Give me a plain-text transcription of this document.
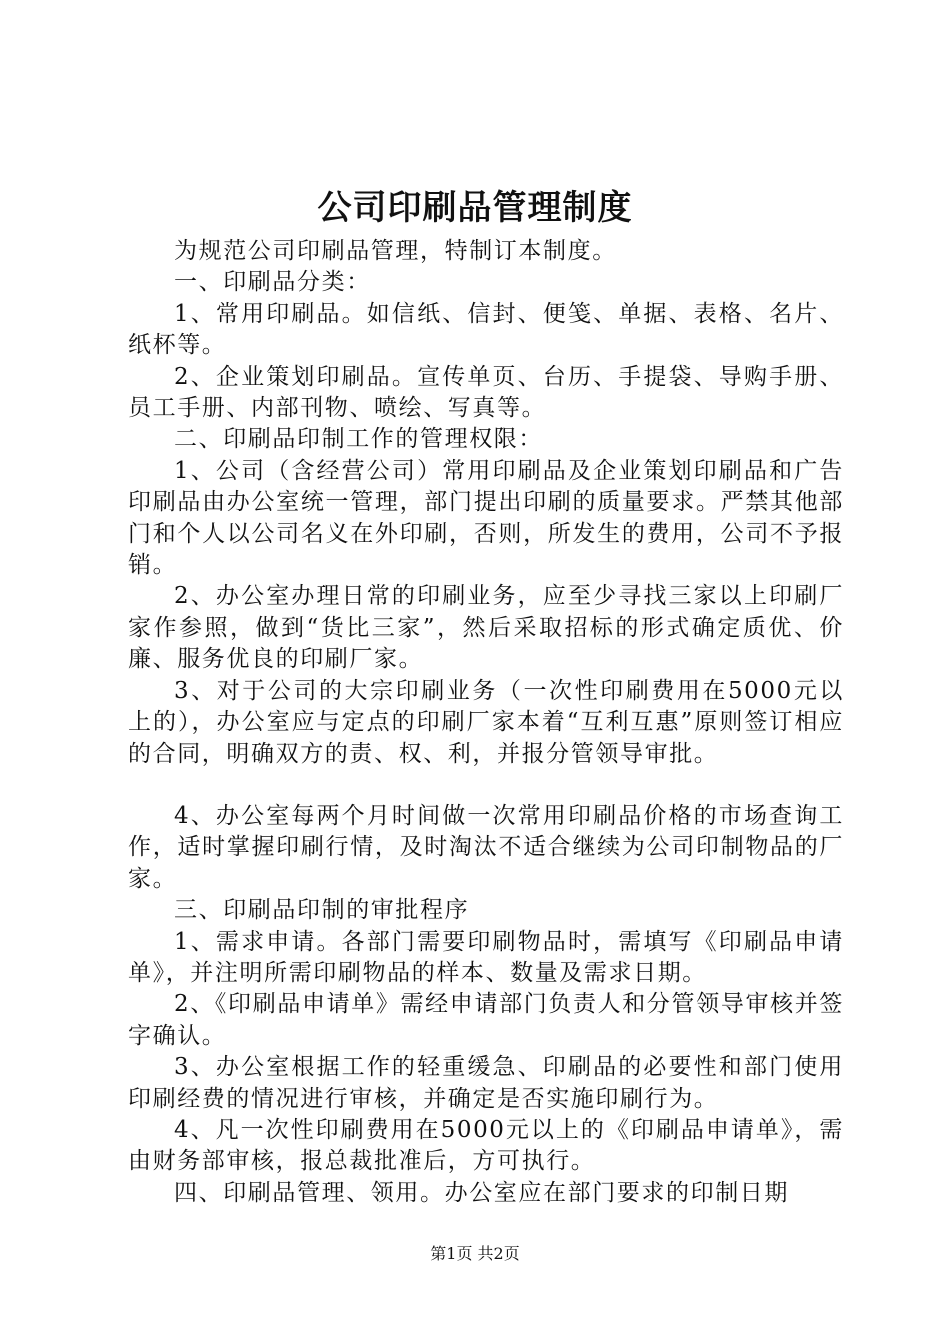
公司印刷品管理制度

为规范公司印刷品管理，特制订本制度。

一、印刷品分类：

1、常用印刷品。如信纸、信封、便笺、单据、表格、名片、纸杯等。

2、企业策划印刷品。宣传单页、台历、手提袋、导购手册、员工手册、内部刊物、喷绘、写真等。

二、印刷品印制工作的管理权限：

1、公司（含经营公司）常用印刷品及企业策划印刷品和广告印刷品由办公室统一管理，部门提出印刷的质量要求。严禁其他部门和个人以公司名义在外印刷，否则，所发生的费用，公司不予报销。

2、办公室办理日常的印刷业务，应至少寻找三家以上印刷厂家作参照，做到“货比三家”，然后采取招标的形式确定质优、价廉、服务优良的印刷厂家。

3、对于公司的大宗印刷业务（一次性印刷费用在5000元以上的），办公室应与定点的印刷厂家本着“互利互惠”原则签订相应的合同，明确双方的责、权、利，并报分管领导审批。

4、办公室每两个月时间做一次常用印刷品价格的市场查询工作，适时掌握印刷行情，及时淘汰不适合继续为公司印制物品的厂家。

三、印刷品印制的审批程序

1、需求申请。各部门需要印刷物品时，需填写《印刷品申请单》，并注明所需印刷物品的样本、数量及需求日期。

2、《印刷品申请单》需经申请部门负责人和分管领导审核并签字确认。

3、办公室根据工作的轻重缓急、印刷品的必要性和部门使用印刷经费的情况进行审核，并确定是否实施印刷行为。

4、凡一次性印刷费用在5000元以上的《印刷品申请单》，需由财务部审核，报总裁批准后，方可执行。

四、印刷品管理、领用。办公室应在部门要求的印制日期

第1页 共2页
